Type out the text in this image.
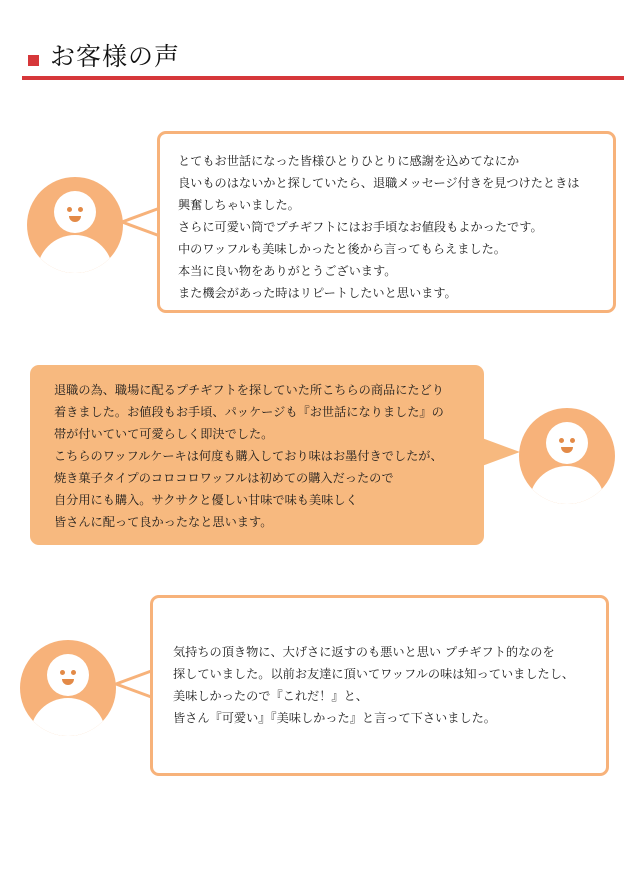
お客様の声
とてもお世話になった皆様ひとりひとりに感謝を込めてなにか
良いものはないかと探していたら、退職メッセージ付きを見つけたときは
興奮しちゃいました。
さらに可愛い筒でプチギフトにはお手頃なお値段もよかったです。
中のワッフルも美味しかったと後から言ってもらえました。
本当に良い物をありがとうございます。
また機会があった時はリピートしたいと思います。
退職の為、職場に配るプチギフトを探していた所こちらの商品にたどり
着きました。お値段もお手頃、パッケージも『お世話になりました』の
帯が付いていて可愛らしく即決でした。
こちらのワッフルケーキは何度も購入しており味はお墨付きでしたが、
焼き菓子タイプのコロコロワッフルは初めての購入だったので
自分用にも購入。サクサクと優しい甘味で味も美味しく
皆さんに配って良かったなと思います。
気持ちの頂き物に、大げさに返すのも悪いと思い プチギフト的なのを
探していました。以前お友達に頂いてワッフルの味は知っていましたし、
美味しかったので『これだ！』と、
皆さん『可愛い』『美味しかった』と言って下さいました。
